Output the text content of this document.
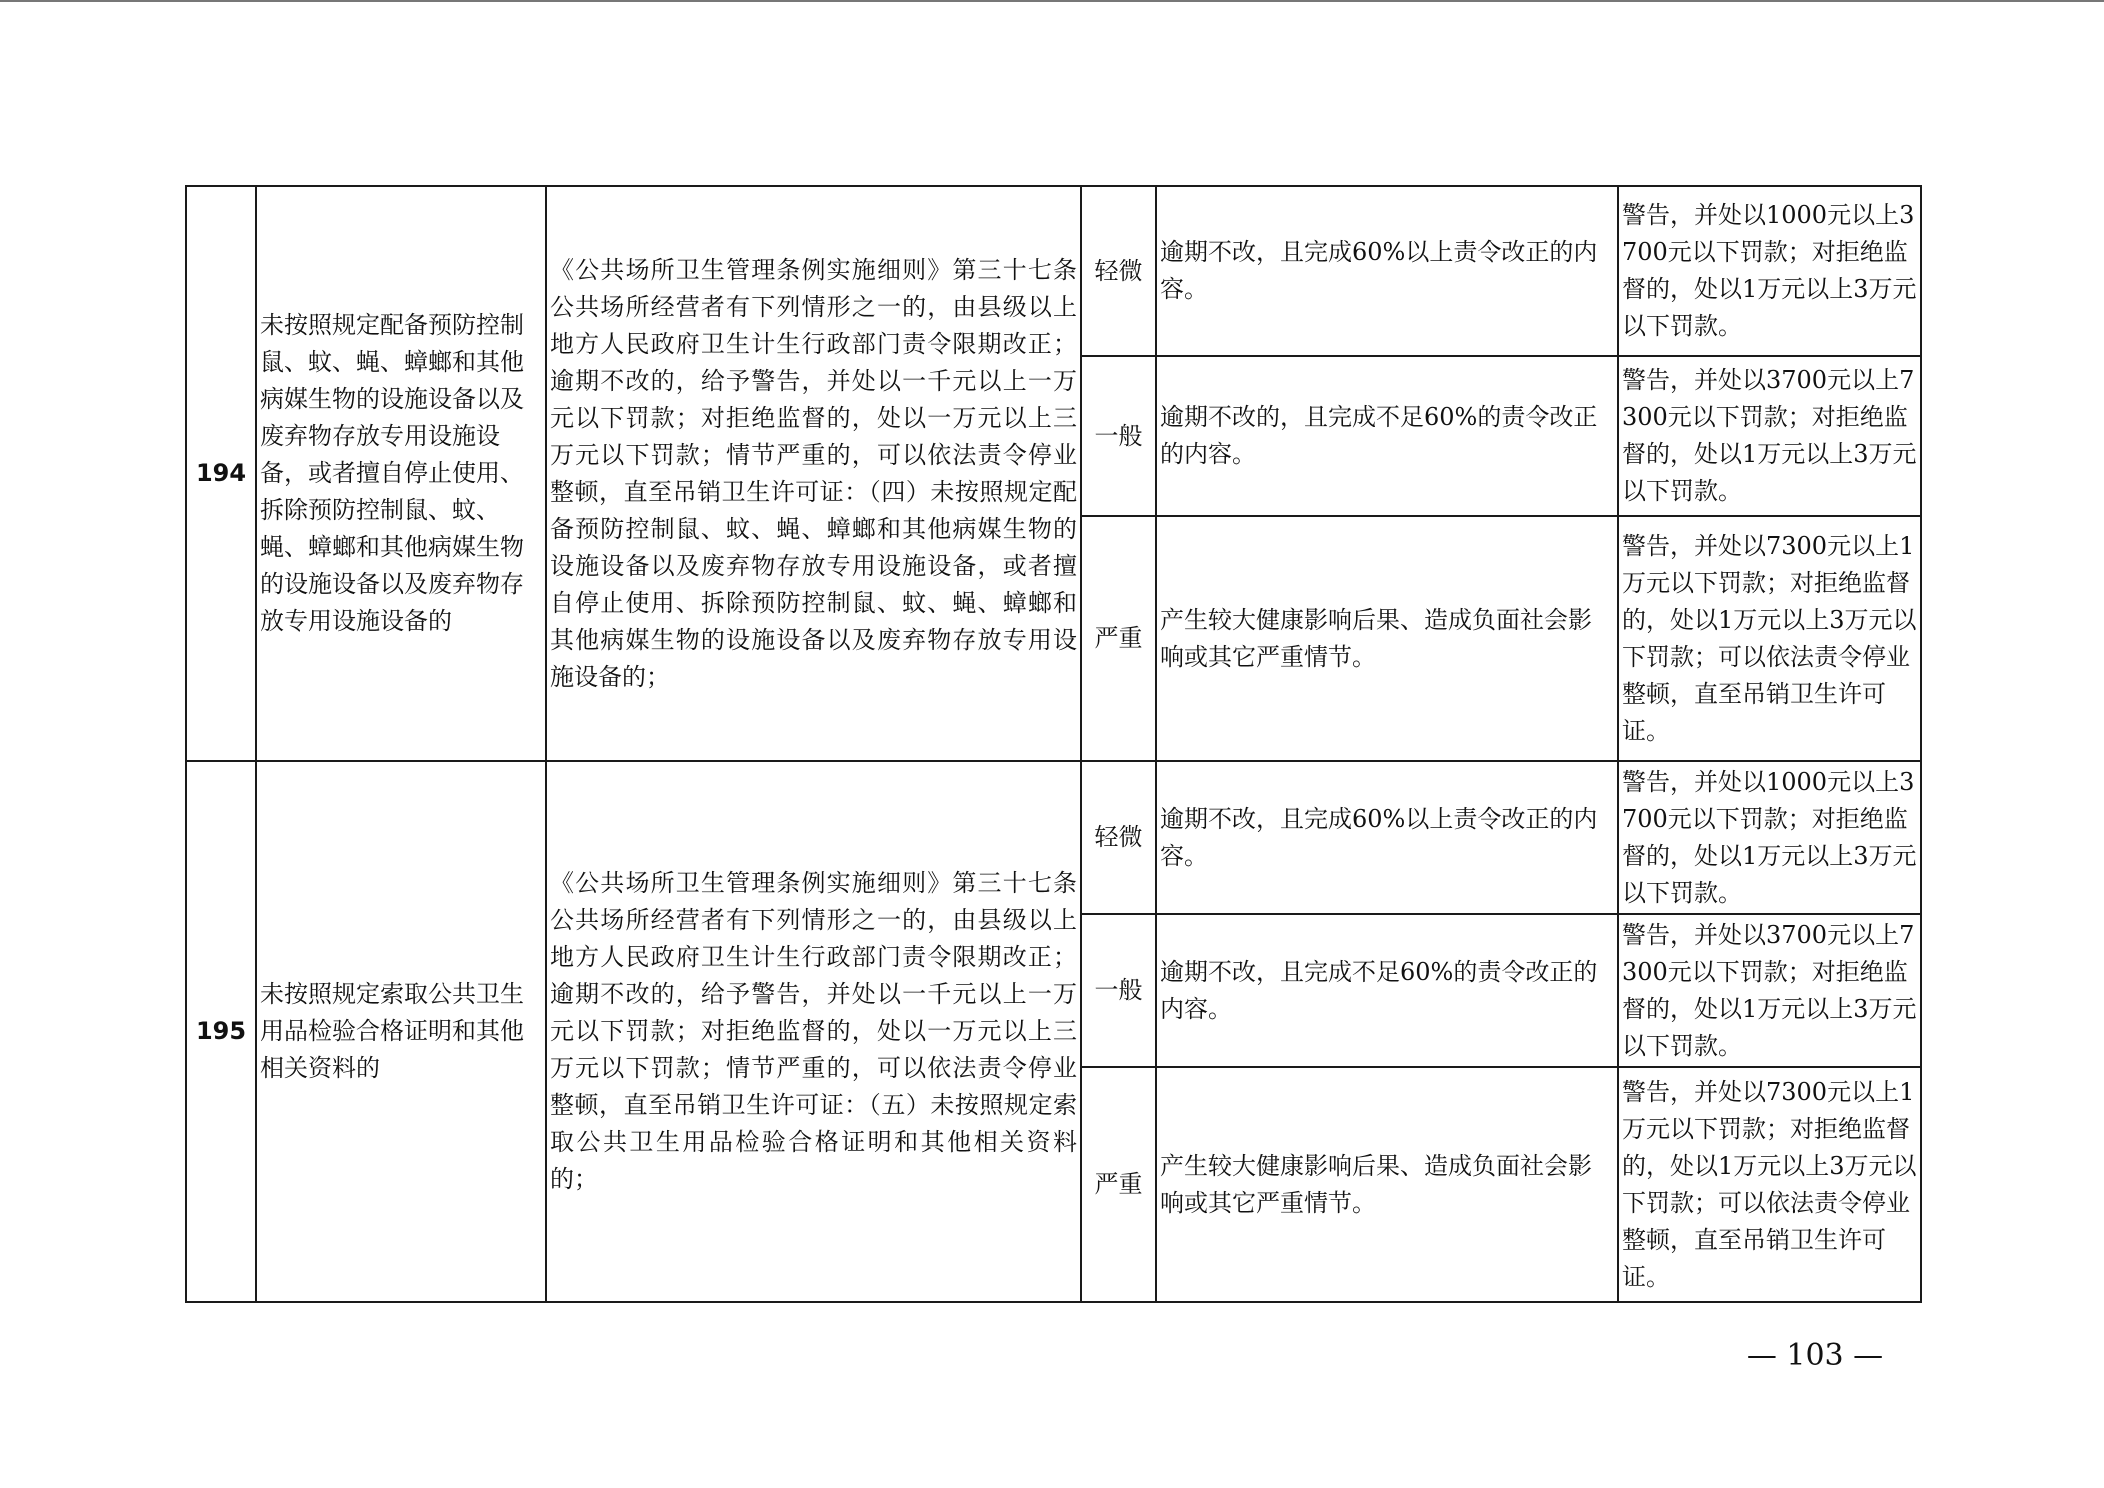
194	未按照规定配备预防控制鼠、蚊、蝇、蟑螂和其他病媒生物的设施设备以及废弃物存放专用设施设备，或者擅自停止使用、拆除预防控制鼠、蚊、蝇、蟑螂和其他病媒生物的设施设备以及废弃物存放专用设施设备的	《公共场所卫生管理条例实施细则》第三十七条　公共场所经营者有下列情形之一的，由县级以上地方人民政府卫生计生行政部门责令限期改正；逾期不改的，给予警告，并处以一千元以上一万元以下罚款；对拒绝监督的，处以一万元以上三万元以下罚款；情节严重的，可以依法责令停业整顿，直至吊销卫生许可证：（四）未按照规定配备预防控制鼠、蚊、蝇、蟑螂和其他病媒生物的设施设备以及废弃物存放专用设施设备，或者擅自停止使用、拆除预防控制鼠、蚊、蝇、蟑螂和其他病媒生物的设施设备以及废弃物存放专用设施设备的；	轻微	逾期不改，且完成60%以上责令改正的内容。	警告，并处以1000元以上3700元以下罚款；对拒绝监督的，处以1万元以上3万元以下罚款。
			一般	逾期不改的，且完成不足60%的责令改正的内容。	警告，并处以3700元以上7300元以下罚款；对拒绝监督的，处以1万元以上3万元以下罚款。
			严重	产生较大健康影响后果、造成负面社会影响或其它严重情节。	警告，并处以7300元以上1万元以下罚款；对拒绝监督的，处以1万元以上3万元以下罚款；可以依法责令停业整顿，直至吊销卫生许可证。
195	未按照规定索取公共卫生用品检验合格证明和其他相关资料的	《公共场所卫生管理条例实施细则》第三十七条　公共场所经营者有下列情形之一的，由县级以上地方人民政府卫生计生行政部门责令限期改正；逾期不改的，给予警告，并处以一千元以上一万元以下罚款；对拒绝监督的，处以一万元以上三万元以下罚款；情节严重的，可以依法责令停业整顿，直至吊销卫生许可证：（五）未按照规定索取公共卫生用品检验合格证明和其他相关资料的；	轻微	逾期不改，且完成60%以上责令改正的内容。	警告，并处以1000元以上3700元以下罚款；对拒绝监督的，处以1万元以上3万元以下罚款。
			一般	逾期不改，且完成不足60%的责令改正的内容。	警告，并处以3700元以上7300元以下罚款；对拒绝监督的，处以1万元以上3万元以下罚款。
			严重	产生较大健康影响后果、造成负面社会影响或其它严重情节。	警告，并处以7300元以上1万元以下罚款；对拒绝监督的，处以1万元以上3万元以下罚款；可以依法责令停业整顿，直至吊销卫生许可证。
— 103 —
